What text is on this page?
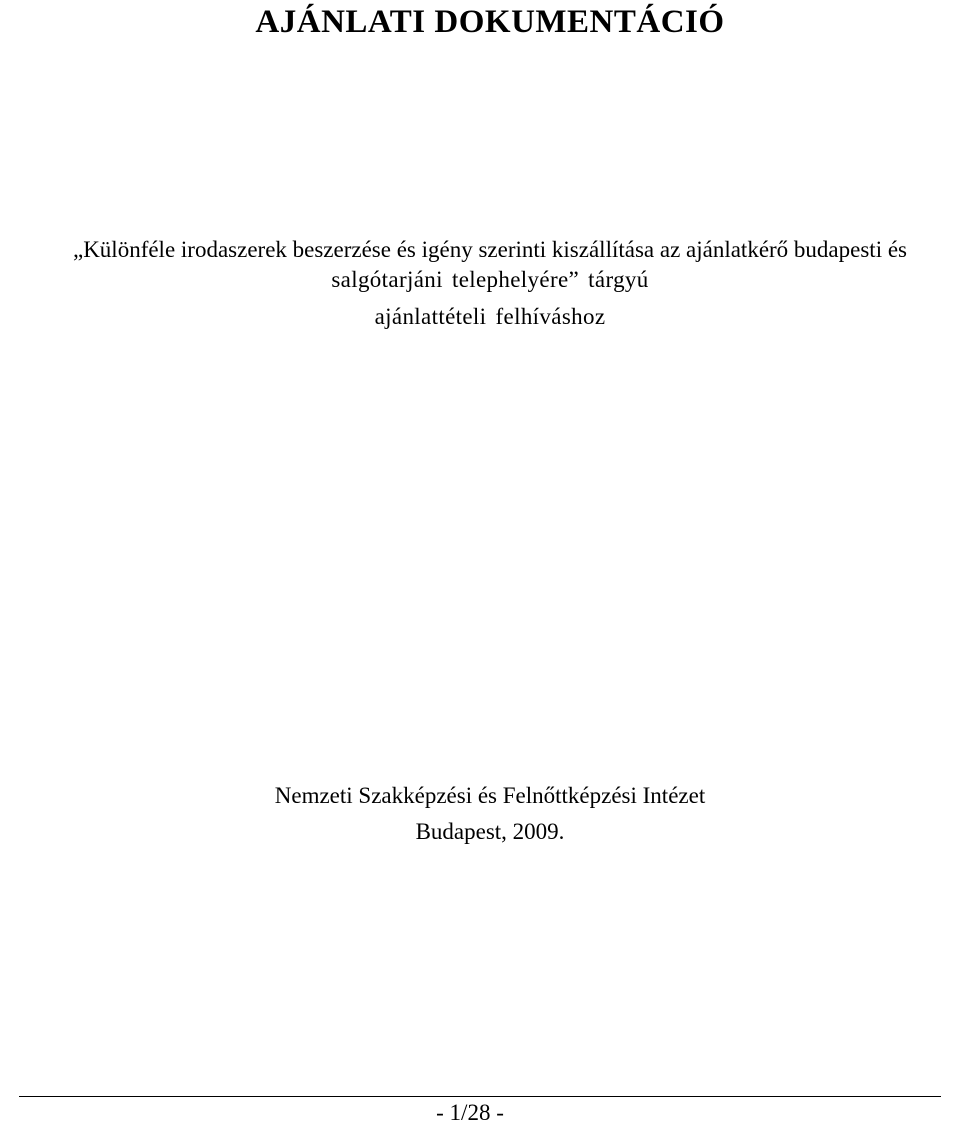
AJÁNLATI DOKUMENTÁCIÓ
„Különféle irodaszerek beszerzése és igény szerinti kiszállítása az ajánlatkérő budapesti és
salgótarjáni telephelyére” tárgyú
ajánlattételi felhíváshoz
Nemzeti Szakképzési és Felnőttképzési Intézet
Budapest, 2009.
- 1/28 -
